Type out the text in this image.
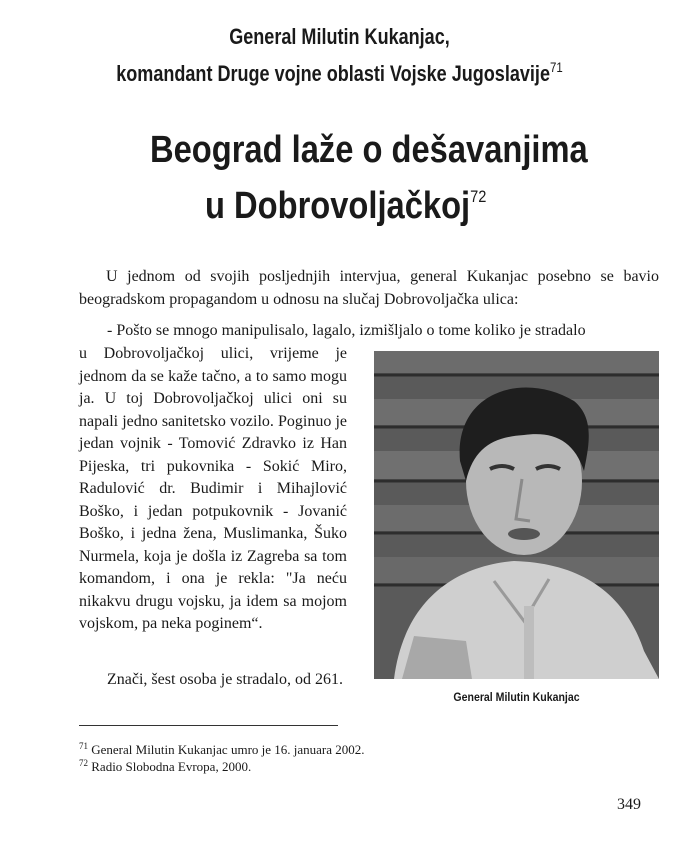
General Milutin Kukanjac,
komandant Druge vojne oblasti Vojske Jugoslavije$^{71}$
Beograd laže o dešavanjima
u Dobrovoljačkoj$^{72}$

U jednom od svojih posljednjih intervjua, general Kukanjac posebno se bavio beogradskom propagandom u odnosu na slučaj Dobrovoljačka ulica:

- Pošto se mnogo manipulisalo, lagalo, izmišljalo o tome koliko je stradalo

u Dobrovoljačkoj ulici, vrijeme je jednom da se kaže tačno, a to samo mogu ja. U toj Dobrovoljačkoj ulici oni su napali jedno sanitetsko vozilo. Poginuo je jedan vojnik - Tomović Zdravko iz Han Pijeska, tri pukovnika - Sokić Miro, Radulović dr. Budimir i Mihajlović Boško, i jedan potpukovnik - Jovanić Boško, i jedna žena, Muslimanka, Šuko Nurmela, koja je došla iz Zagreba sa tom komandom, i ona je rekla: "Ja neću nikakvu drugu vojsku, ja idem sa mojom vojskom, pa neka poginem“.

Znači, šest osoba je stradalo, od 261.

General Milutin Kukanjac
$^{71}$ General Milutin Kukanjac umro je 16. januara 2002.
$^{72}$ Radio Slobodna Evropa, 2000.
349
